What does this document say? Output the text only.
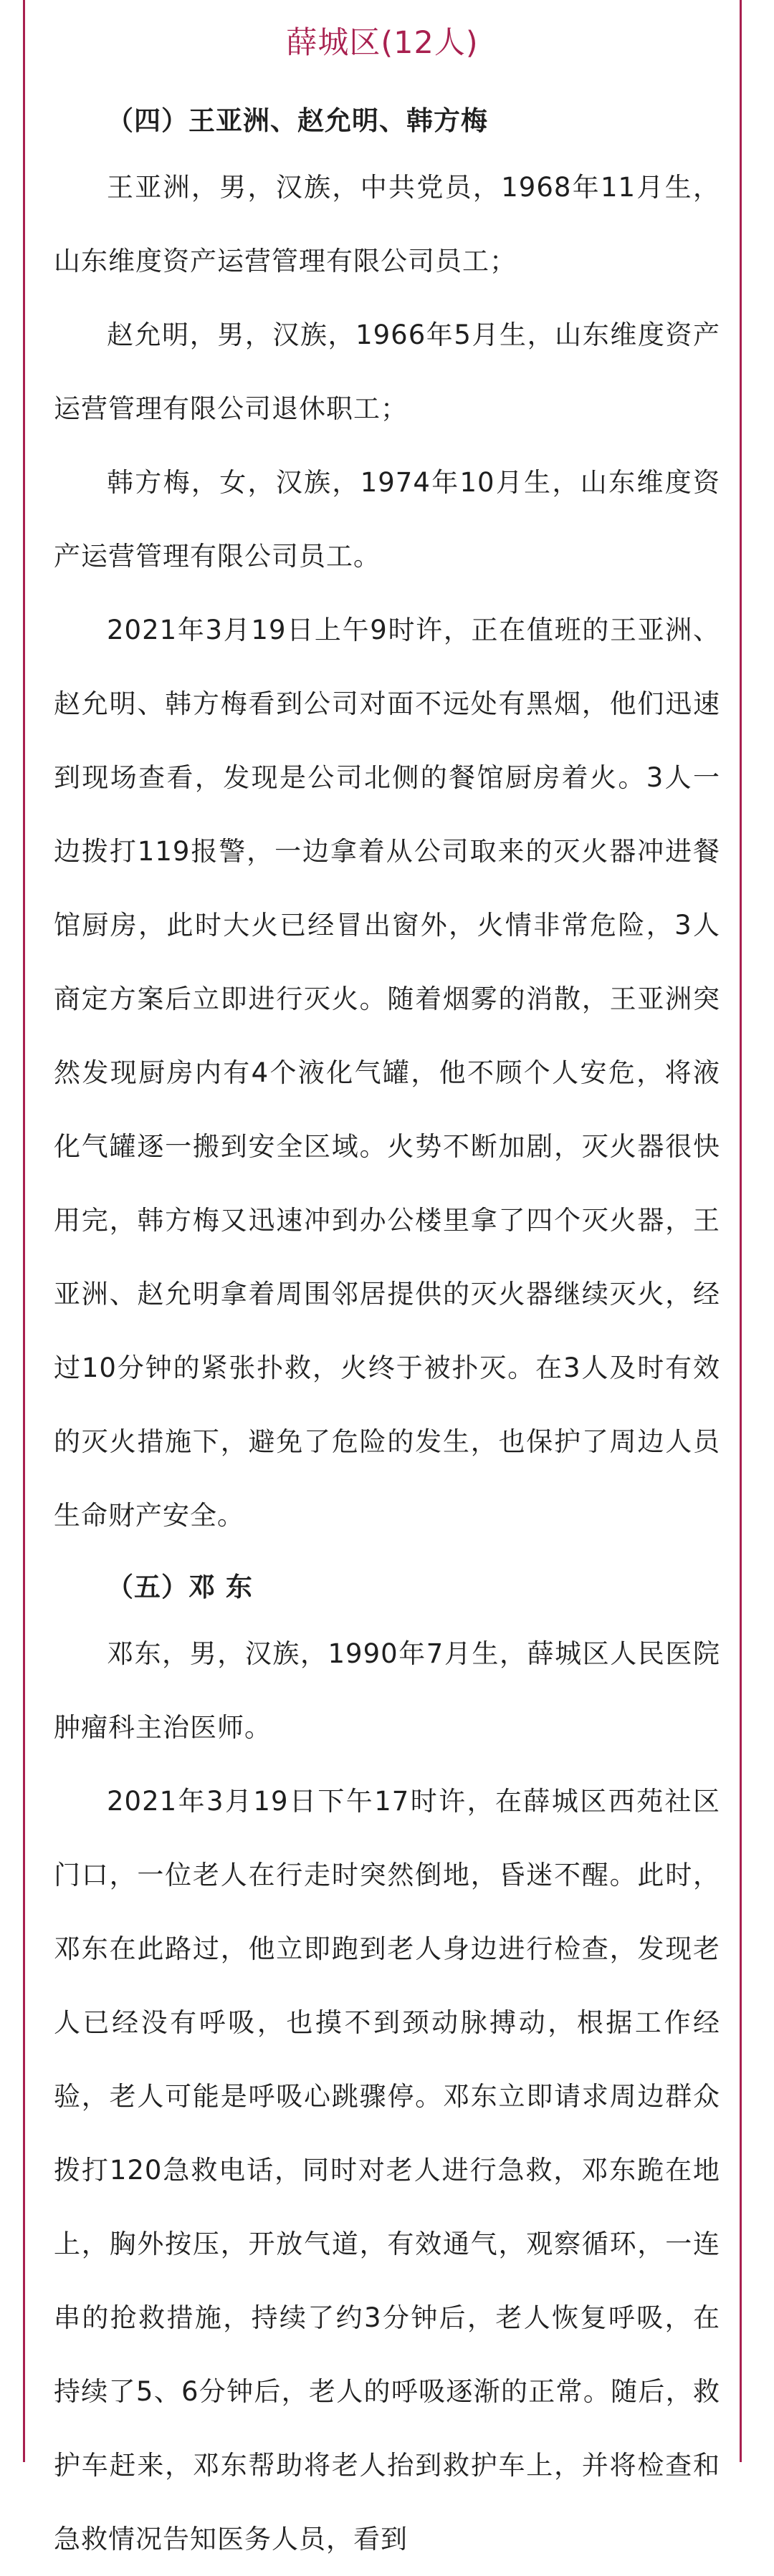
薛城区(12人)

（四）王亚洲、赵允明、韩方梅

王亚洲，男，汉族，中共党员，1968年11月生，山东维度资产运营管理有限公司员工；

赵允明，男，汉族，1966年5月生，山东维度资产运营管理有限公司退休职工；

韩方梅，女，汉族，1974年10月生，山东维度资产运营管理有限公司员工。

2021年3月19日上午9时许，正在值班的王亚洲、赵允明、韩方梅看到公司对面不远处有黑烟，他们迅速到现场查看，发现是公司北侧的餐馆厨房着火。3人一边拨打119报警，一边拿着从公司取来的灭火器冲进餐馆厨房，此时大火已经冒出窗外，火情非常危险，3人商定方案后立即进行灭火。随着烟雾的消散，王亚洲突然发现厨房内有4个液化气罐，他不顾个人安危，将液化气罐逐一搬到安全区域。火势不断加剧，灭火器很快用完，韩方梅又迅速冲到办公楼里拿了四个灭火器，王亚洲、赵允明拿着周围邻居提供的灭火器继续灭火，经过10分钟的紧张扑救，火终于被扑灭。在3人及时有效的灭火措施下，避免了危险的发生，也保护了周边人员生命财产安全。

（五）邓 东

邓东，男，汉族，1990年7月生，薛城区人民医院肿瘤科主治医师。

2021年3月19日下午17时许，在薛城区西苑社区门口，一位老人在行走时突然倒地，昏迷不醒。此时，邓东在此路过，他立即跑到老人身边进行检查，发现老人已经没有呼吸，也摸不到颈动脉搏动，根据工作经验，老人可能是呼吸心跳骤停。邓东立即请求周边群众拨打120急救电话，同时对老人进行急救，邓东跪在地上，胸外按压，开放气道，有效通气，观察循环，一连串的抢救措施，持续了约3分钟后，老人恢复呼吸，在持续了5、6分钟后，老人的呼吸逐渐的正常。随后，救护车赶来，邓东帮助将老人抬到救护车上，并将检查和急救情况告知医务人员，看到
